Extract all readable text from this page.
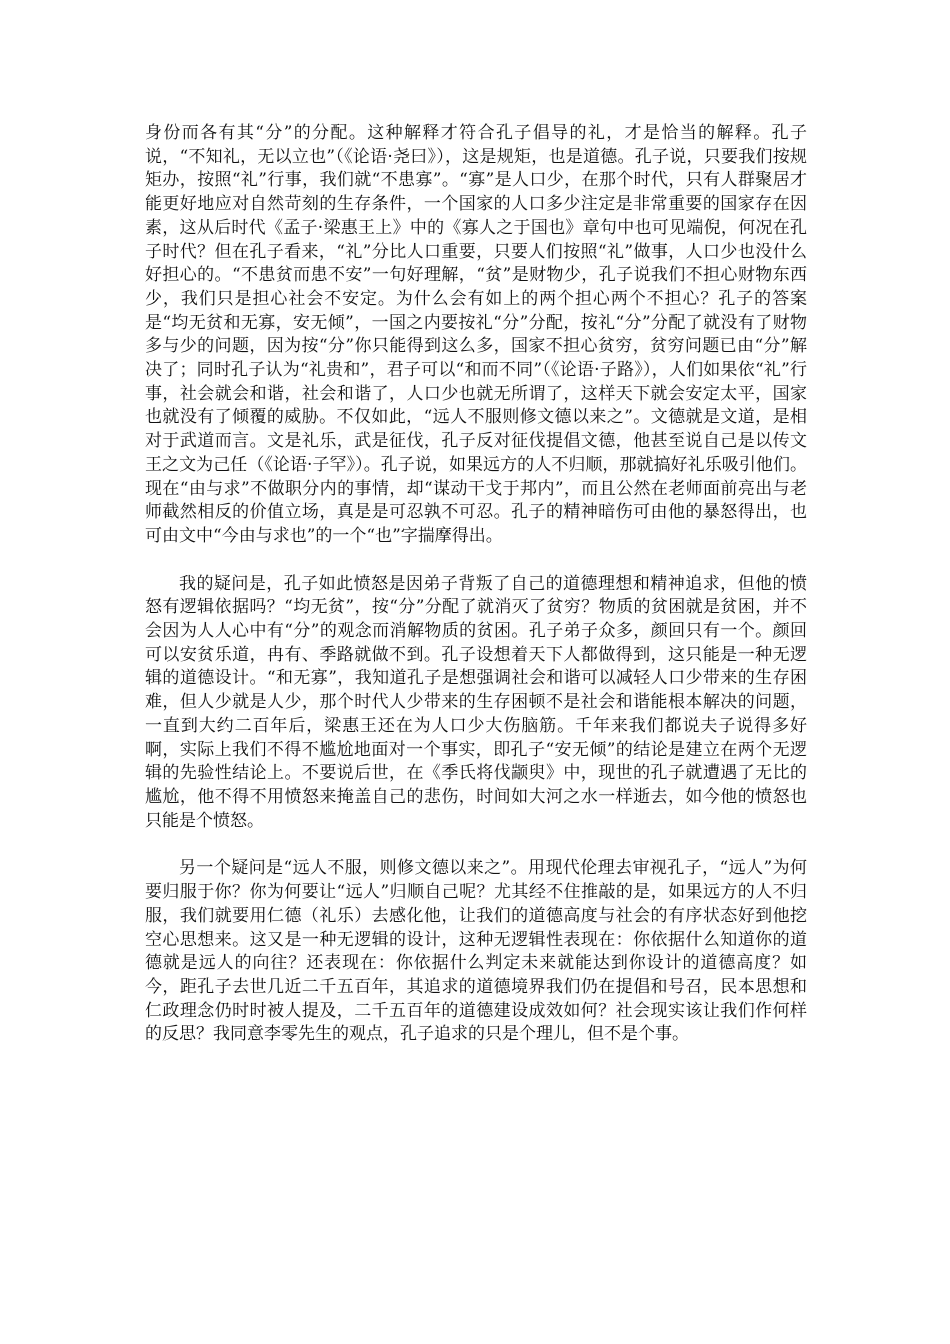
身份而各有其“分”的分配。这种解释才符合孔子倡导的礼，才是恰当的解释。孔子说，“不知礼，无以立也”（《论语·尧曰》），这是规矩，也是道德。孔子说，只要我们按规矩办，按照“礼”行事，我们就“不患寡”。“寡”是人口少，在那个时代，只有人群聚居才能更好地应对自然苛刻的生存条件，一个国家的人口多少注定是非常重要的国家存在因素，这从后时代《孟子·梁惠王上》中的《寡人之于国也》章句中也可见端倪，何况在孔子时代？但在孔子看来，“礼”分比人口重要，只要人们按照“礼”做事，人口少也没什么好担心的。“不患贫而患不安”一句好理解，“贫”是财物少，孔子说我们不担心财物东西少，我们只是担心社会不安定。为什么会有如上的两个担心两个不担心？孔子的答案是“均无贫和无寡，安无倾”，一国之内要按礼“分”分配，按礼“分”分配了就没有了财物多与少的问题，因为按“分”你只能得到这么多，国家不担心贫穷，贫穷问题已由“分”解决了；同时孔子认为“礼贵和”，君子可以“和而不同”（《论语·子路》），人们如果依“礼”行事，社会就会和谐，社会和谐了，人口少也就无所谓了，这样天下就会安定太平，国家也就没有了倾覆的威胁。不仅如此，“远人不服则修文德以来之”。文德就是文道，是相对于武道而言。文是礼乐，武是征伐，孔子反对征伐提倡文德，他甚至说自己是以传文王之文为己任（《论语·子罕》）。孔子说，如果远方的人不归顺，那就搞好礼乐吸引他们。现在“由与求”不做职分内的事情，却“谋动干戈于邦内”，而且公然在老师面前亮出与老师截然相反的价值立场，真是是可忍孰不可忍。孔子的精神暗伤可由他的暴怒得出，也可由文中“今由与求也”的一个“也”字揣摩得出。

我的疑问是，孔子如此愤怒是因弟子背叛了自己的道德理想和精神追求，但他的愤怒有逻辑依据吗？“均无贫”，按“分”分配了就消灭了贫穷？物质的贫困就是贫困，并不会因为人人心中有“分”的观念而消解物质的贫困。孔子弟子众多，颜回只有一个。颜回可以安贫乐道，冉有、季路就做不到。孔子设想着天下人都做得到，这只能是一种无逻辑的道德设计。“和无寡”，我知道孔子是想强调社会和谐可以减轻人口少带来的生存困难，但人少就是人少，那个时代人少带来的生存困顿不是社会和谐能根本解决的问题，一直到大约二百年后，梁惠王还在为人口少大伤脑筋。千年来我们都说夫子说得多好啊，实际上我们不得不尴尬地面对一个事实，即孔子“安无倾”的结论是建立在两个无逻辑的先验性结论上。不要说后世，在《季氏将伐颛臾》中，现世的孔子就遭遇了无比的尴尬，他不得不用愤怒来掩盖自己的悲伤，时间如大河之水一样逝去，如今他的愤怒也只能是个愤怒。

另一个疑问是“远人不服，则修文德以来之”。用现代伦理去审视孔子，“远人”为何要归服于你？你为何要让“远人”归顺自己呢？尤其经不住推敲的是，如果远方的人不归服，我们就要用仁德（礼乐）去感化他，让我们的道德高度与社会的有序状态好到他挖空心思想来。这又是一种无逻辑的设计，这种无逻辑性表现在：你依据什么知道你的道德就是远人的向往？还表现在：你依据什么判定未来就能达到你设计的道德高度？如今，距孔子去世几近二千五百年，其追求的道德境界我们仍在提倡和号召，民本思想和仁政理念仍时时被人提及，二千五百年的道德建设成效如何？社会现实该让我们作何样的反思？我同意李零先生的观点，孔子追求的只是个理儿，但不是个事。
